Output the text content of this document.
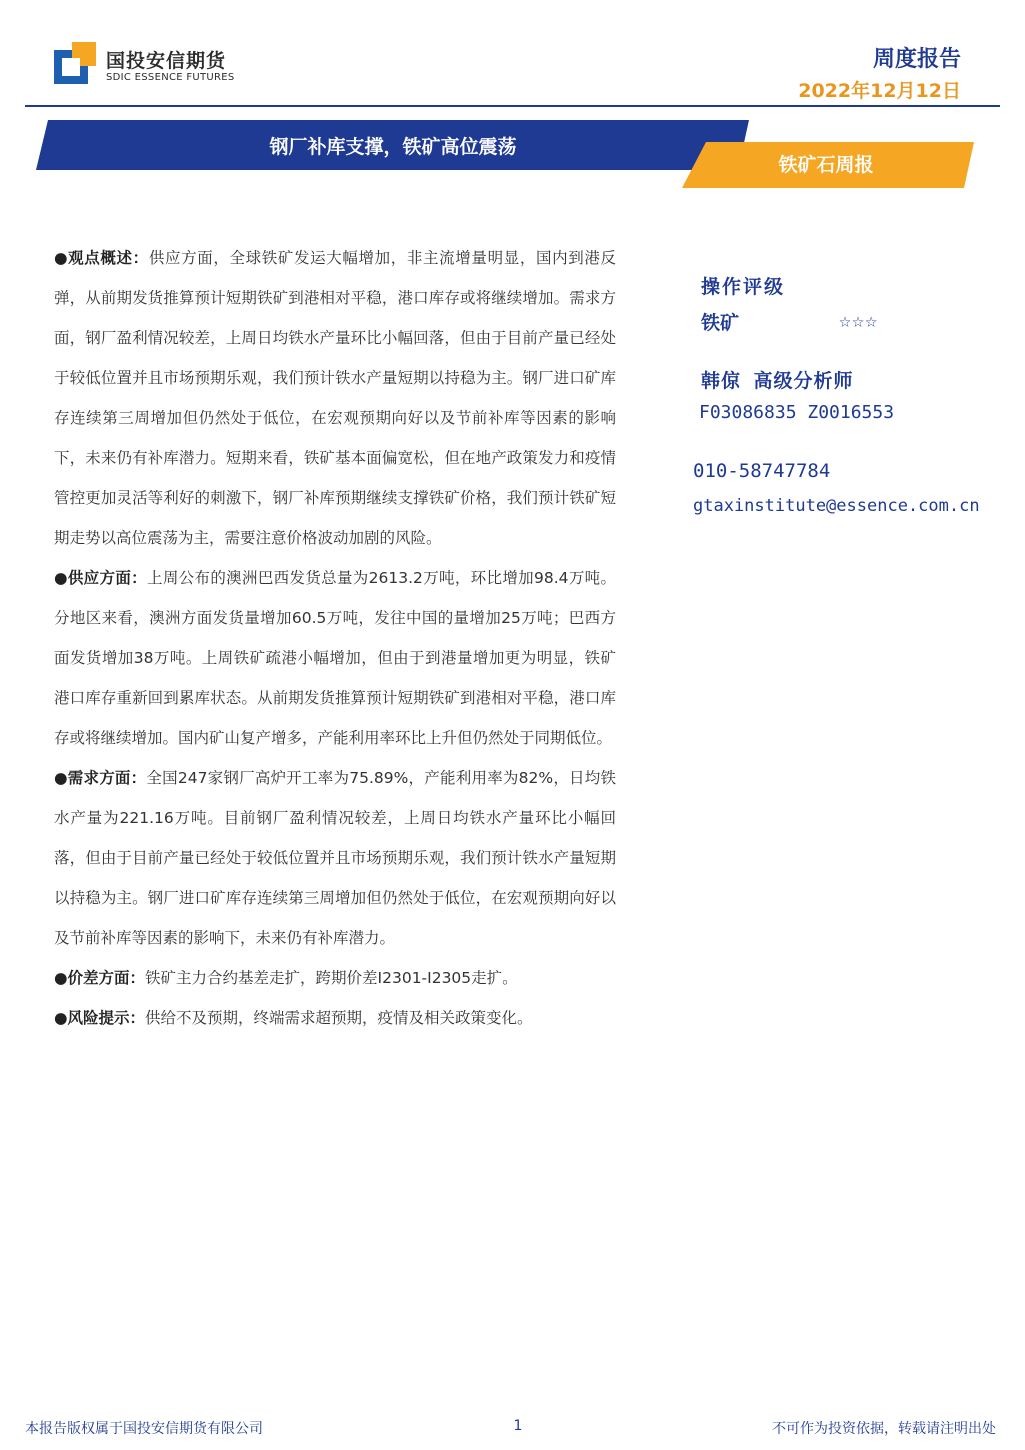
国投安信期货
SDIC ESSENCE FUTURES
周度报告
2022年12月12日
钢厂补库支撑，铁矿高位震荡
铁矿石周报

●观点概述：供应方面，全球铁矿发运大幅增加，非主流增量明显，国内到港反弹，从前期发货推算预计短期铁矿到港相对平稳，港口库存或将继续增加。需求方面，钢厂盈利情况较差，上周日均铁水产量环比小幅回落，但由于目前产量已经处于较低位置并且市场预期乐观，我们预计铁水产量短期以持稳为主。钢厂进口矿库存连续第三周增加但仍然处于低位，在宏观预期向好以及节前补库等因素的影响下，未来仍有补库潜力。短期来看，铁矿基本面偏宽松，但在地产政策发力和疫情管控更加灵活等利好的刺激下，钢厂补库预期继续支撑铁矿价格，我们预计铁矿短期走势以高位震荡为主，需要注意价格波动加剧的风险。

●供应方面：上周公布的澳洲巴西发货总量为2613.2万吨，环比增加98.4万吨。分地区来看，澳洲方面发货量增加60.5万吨，发往中国的量增加25万吨；巴西方面发货增加38万吨。上周铁矿疏港小幅增加，但由于到港量增加更为明显，铁矿港口库存重新回到累库状态。从前期发货推算预计短期铁矿到港相对平稳，港口库存或将继续增加。国内矿山复产增多，产能利用率环比上升但仍然处于同期低位。

●需求方面：全国247家钢厂高炉开工率为75.89%，产能利用率为82%，日均铁水产量为221.16万吨。目前钢厂盈利情况较差，上周日均铁水产量环比小幅回落，但由于目前产量已经处于较低位置并且市场预期乐观，我们预计铁水产量短期以持稳为主。钢厂进口矿库存连续第三周增加但仍然处于低位，在宏观预期向好以及节前补库等因素的影响下，未来仍有补库潜力。

●价差方面：铁矿主力合约基差走扩，跨期价差I2301-I2305走扩。

●风险提示：供给不及预期，终端需求超预期，疫情及相关政策变化。

操作评级
铁矿	☆☆☆
韩倞 高级分析师
F03086835 Z0016553
010-58747784
gtaxinstitute@essence.com.cn
本报告版权属于国投安信期货有限公司	1	不可作为投资依据，转载请注明出处
